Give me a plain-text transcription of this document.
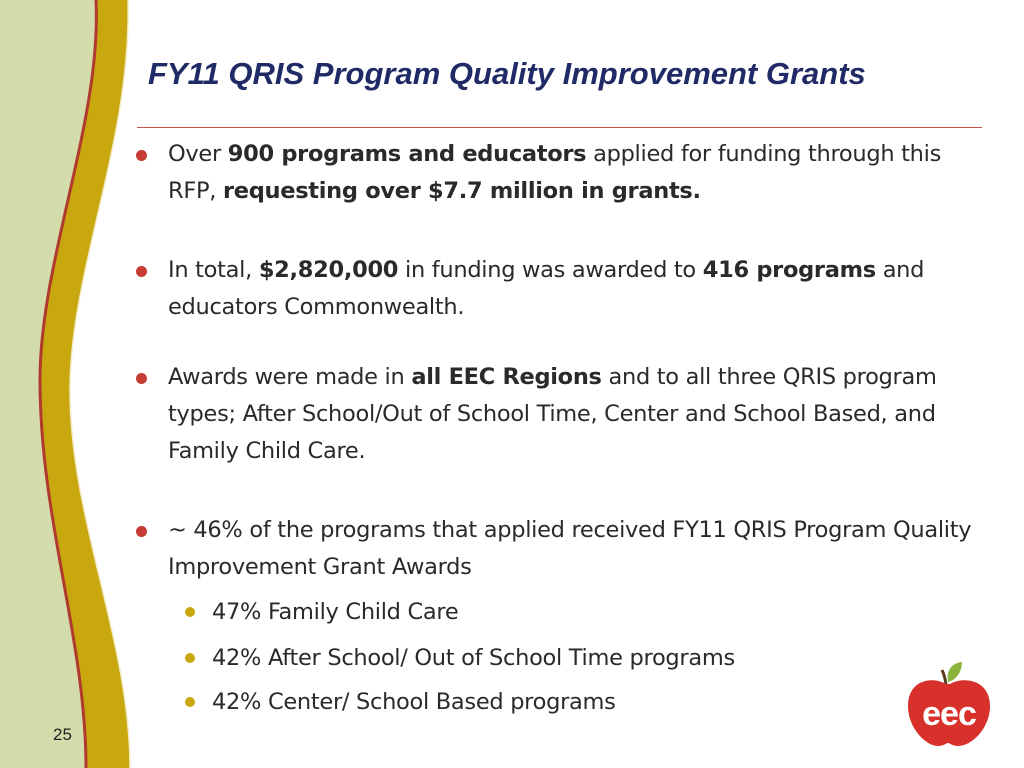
FY11 QRIS Program Quality Improvement Grants
Over 900 programs and educators applied for funding through this RFP, requesting over $7.7 million in grants.
In total, $2,820,000 in funding was awarded to 416 programs and educators Commonwealth.
Awards were made in all EEC Regions and to all three QRIS program types; After School/Out of School Time, Center and School Based, and Family Child Care.
~ 46% of the programs that applied received FY11 QRIS Program Quality Improvement Grant Awards
47% Family Child Care
42% After School/ Out of School Time programs
42% Center/ School Based programs
25
eec
